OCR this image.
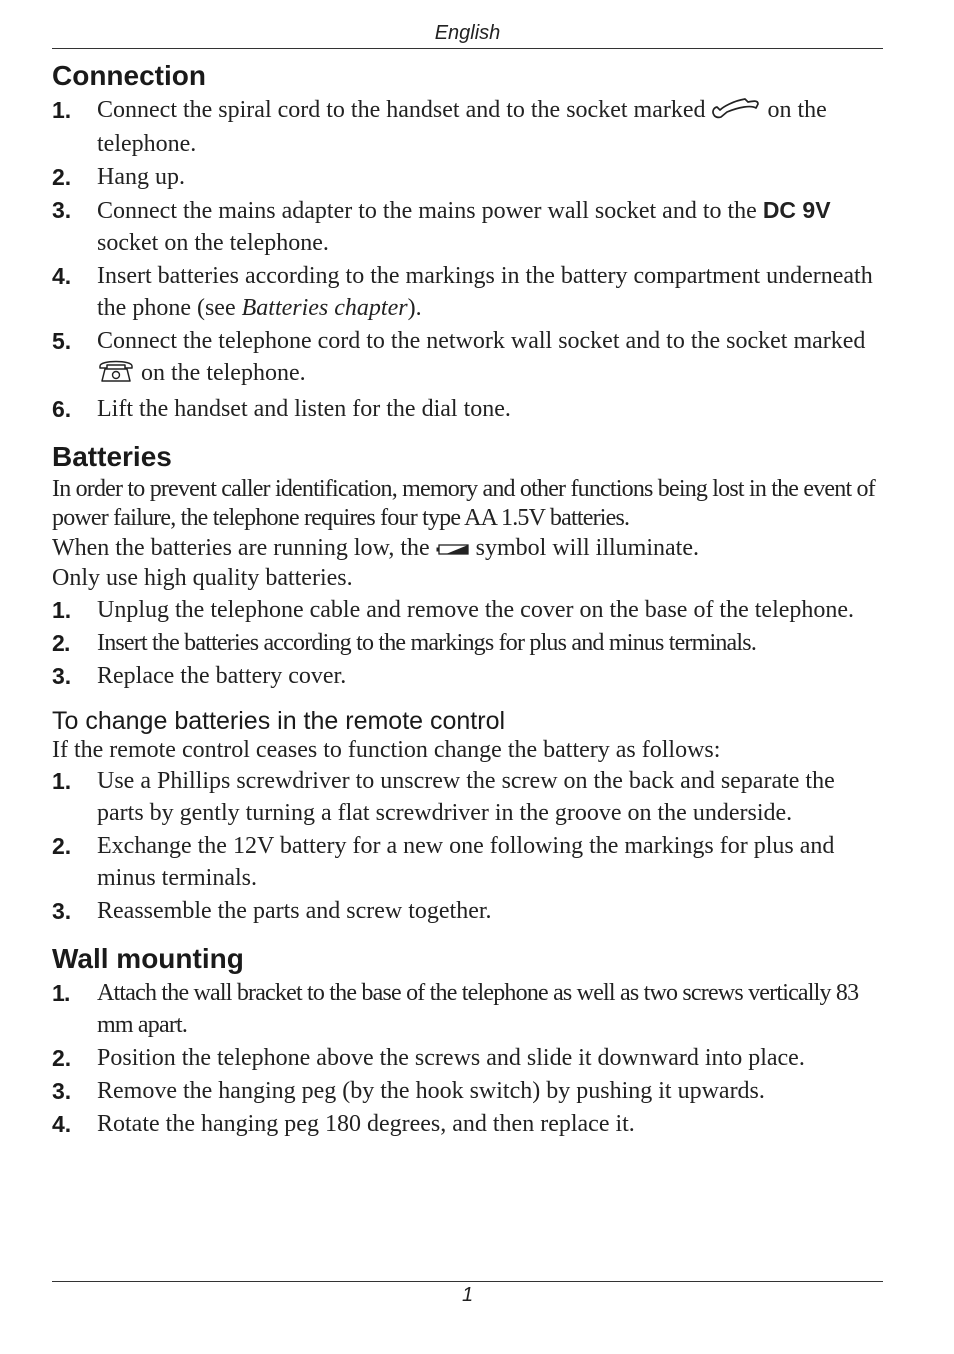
English
Connection
1. Connect the spiral cord to the handset and to the socket marked	on the telephone.
2. Hang up.
3. Connect the mains adapter to the mains power wall socket and to the DC 9V socket on the telephone.
4. Insert batteries according to the markings in the battery compartment underneath the phone (see Batteries chapter).
5. Connect the telephone cord to the network wall socket and to the socket marked  on the telephone.
6. Lift the handset and listen for the dial tone.
Batteries

In order to prevent caller identification, memory and other functions being lost in the event of power failure, the telephone requires four type AA 1.5V batteries.

When the batteries are running low, the symbol will illuminate.

Only use high quality batteries.

1. Unplug the telephone cable and remove the cover on the base of the telephone.
2. Insert the batteries according to the markings for plus and minus terminals.
3. Replace the battery cover.
To change batteries in the remote control

If the remote control ceases to function change the battery as follows:

1. Use a Phillips screwdriver to unscrew the screw on the back and separate the parts by gently turning a flat screwdriver in the groove on the underside.
2. Exchange the 12V battery for a new one following the markings for plus and minus terminals.
3. Reassemble the parts and screw together.
Wall mounting
1. Attach the wall bracket to the base of the telephone as well as two screws vertically 83 mm apart.
2. Position the telephone above the screws and slide it downward into place.
3. Remove the hanging peg (by the hook switch) by pushing it upwards.
4. Rotate the hanging peg 180 degrees, and then replace it.
1
